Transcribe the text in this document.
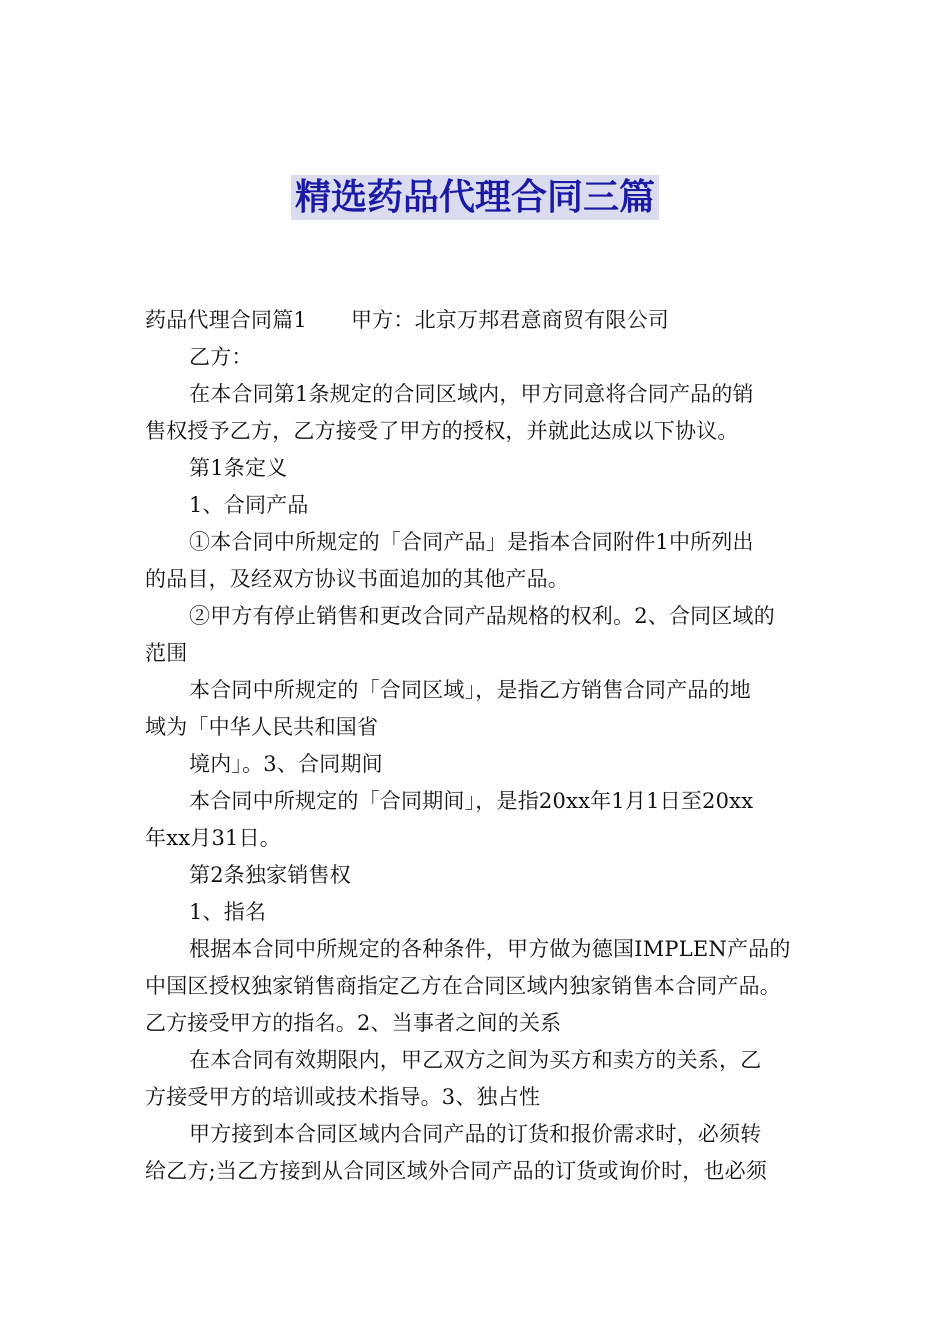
精选药品代理合同三篇
药品代理合同篇1 甲方：北京万邦君意商贸有限公司
乙方：
在本合同第1条规定的合同区域内，甲方同意将合同产品的销
售权授予乙方，乙方接受了甲方的授权，并就此达成以下协议。
第1条定义
1、合同产品
①本合同中所规定的「合同产品」是指本合同附件1中所列出
的品目，及经双方协议书面追加的其他产品。
②甲方有停止销售和更改合同产品规格的权利。2、合同区域的
范围
本合同中所规定的「合同区域」，是指乙方销售合同产品的地
域为「中华人民共和国省
境内」。3、合同期间
本合同中所规定的「合同期间」，是指20xx年1月1日至20xx
年xx月31日。
第2条独家销售权
1、指名
根据本合同中所规定的各种条件，甲方做为德国IMPLEN产品的
中国区授权独家销售商指定乙方在合同区域内独家销售本合同产品。
乙方接受甲方的指名。2、当事者之间的关系
在本合同有效期限内，甲乙双方之间为买方和卖方的关系，乙
方接受甲方的培训或技术指导。3、独占性
甲方接到本合同区域内合同产品的订货和报价需求时，必须转
给乙方;当乙方接到从合同区域外合同产品的订货或询价时，也必须
